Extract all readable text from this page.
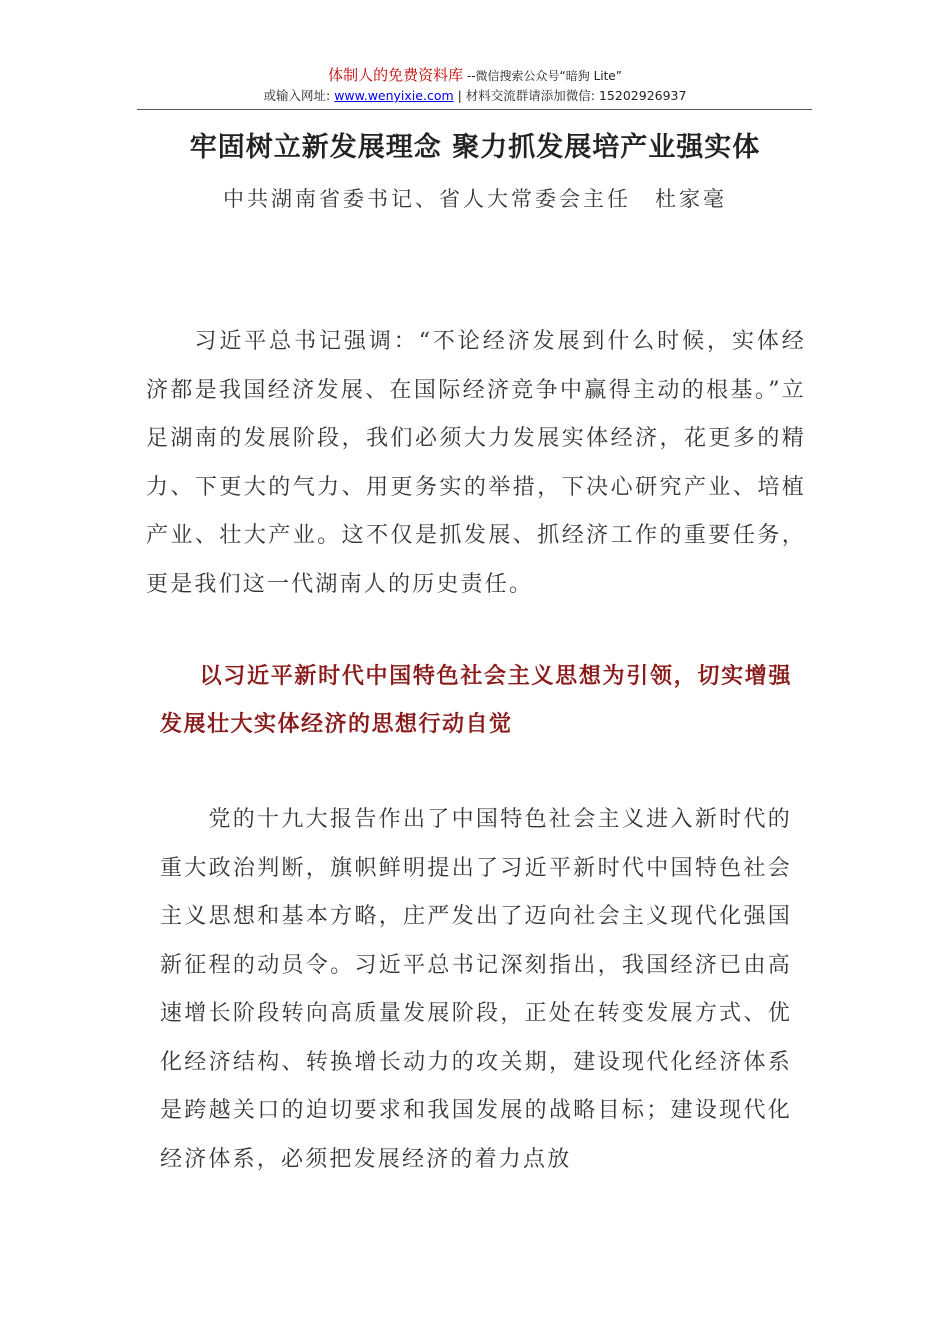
体制人的免费资料库 --微信搜索公众号“暗狗 Lite”
或输入网址: www.wenyixie.com | 材料交流群请添加微信: 15202926937
牢固树立新发展理念 聚力抓发展培产业强实体
中共湖南省委书记、省人大常委会主任　杜家毫

习近平总书记强调：“不论经济发展到什么时候，实体经济都是我国经济发展、在国际经济竞争中赢得主动的根基。”立足湖南的发展阶段，我们必须大力发展实体经济，花更多的精力、下更大的气力、用更务实的举措，下决心研究产业、培植产业、壮大产业。这不仅是抓发展、抓经济工作的重要任务，更是我们这一代湖南人的历史责任。

以习近平新时代中国特色社会主义思想为引领，切实增强发展壮大实体经济的思想行动自觉

党的十九大报告作出了中国特色社会主义进入新时代的重大政治判断，旗帜鲜明提出了习近平新时代中国特色社会主义思想和基本方略，庄严发出了迈向社会主义现代化强国新征程的动员令。习近平总书记深刻指出，我国经济已由高速增长阶段转向高质量发展阶段，正处在转变发展方式、优化经济结构、转换增长动力的攻关期，建设现代化经济体系是跨越关口的迫切要求和我国发展的战略目标；建设现代化经济体系，必须把发展经济的着力点放
